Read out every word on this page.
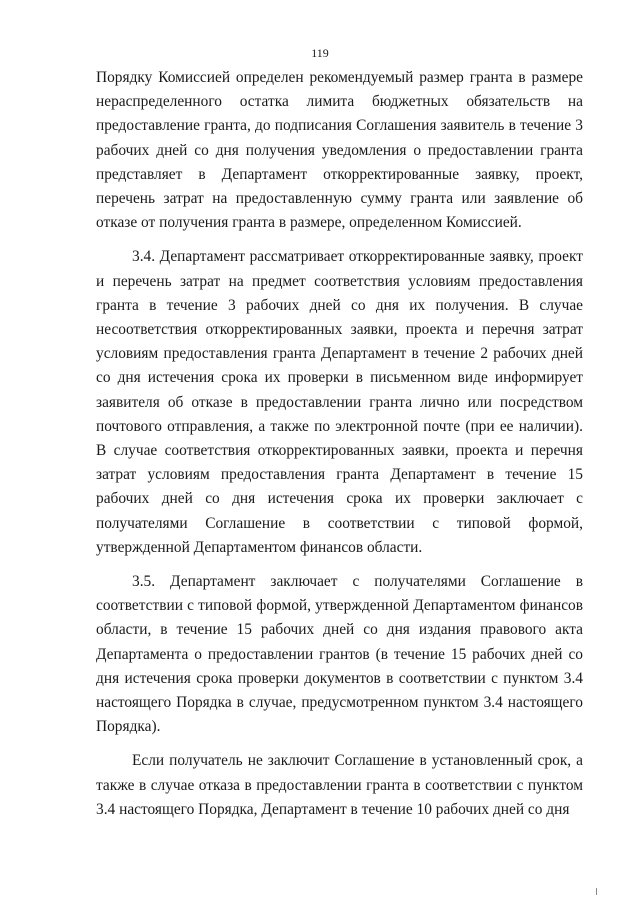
119

Порядку Комиссией определен рекомендуемый размер гранта в размере нераспределенного остатка лимита бюджетных обязательств на предоставление гранта, до подписания Соглашения заявитель в течение 3 рабочих дней со дня получения уведомления о предоставлении гранта представляет в Департамент откорректированные заявку, проект, перечень затрат на предоставленную сумму гранта или заявление об отказе от получения гранта в размере, определенном Комиссией.

3.4. Департамент рассматривает откорректированные заявку, проект и перечень затрат на предмет соответствия условиям предоставления гранта в течение 3 рабочих дней со дня их получения. В случае несоответствия откорректированных заявки, проекта и перечня затрат условиям предоставления гранта Департамент в течение 2 рабочих дней со дня истечения срока их проверки в письменном виде информирует заявителя об отказе в предоставлении гранта лично или посредством почтового отправления, а также по электронной почте (при ее наличии). В случае соответствия откорректированных заявки, проекта и перечня затрат условиям предоставления гранта Департамент в течение 15 рабочих дней со дня истечения срока их проверки заключает с получателями Соглашение в соответствии с типовой формой, утвержденной Департаментом финансов области.

3.5. Департамент заключает с получателями Соглашение в соответствии с типовой формой, утвержденной Департаментом финансов области, в течение 15 рабочих дней со дня издания правового акта Департамента о предоставлении грантов (в течение 15 рабочих дней со дня истечения срока проверки документов в соответствии с пунктом 3.4 настоящего Порядка в случае, предусмотренном пунктом 3.4 настоящего Порядка).

Если получатель не заключит Соглашение в установленный срок, а также в случае отказа в предоставлении гранта в соответствии с пунктом 3.4 настоящего Порядка, Департамент в течение 10 рабочих дней со дня
